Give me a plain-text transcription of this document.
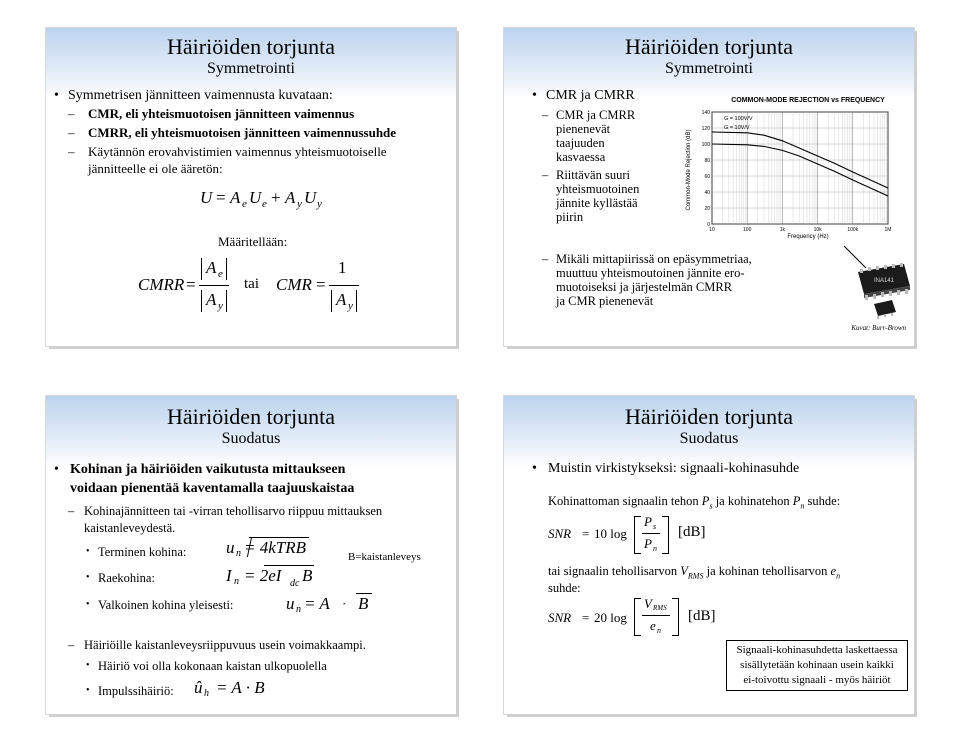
Häiriöiden torjunta
Symmetrointi
• Symmetrisen jännitteen vaimennusta kuvataan:
– CMR, eli yhteismuotoisen jännitteen vaimennus
– CMRR, eli yhteismuotoisen jännitteen vaimennussuhde
– Käytännön erovahvistimien vaimennus yhteismuotoiselle
jännitteelle ei ole ääretön:
U = A e U e + A y U y
Määritellään:
CMRR =
A e
A y
tai CMR =
1
A y
Häiriöiden torjunta
Symmetrointi
• CMR ja CMRR
– CMR ja CMRR
pienenevät
taajuuden
kasvaessa
– Riittävän suuri
yhteismuotoinen
jännite kyllästää
piirin
COMMON-MODE REJECTION vs FREQUENCY
Common-Mode Rejection (dB)
Frequency (Hz)
0
20
40
60
80
100
120
140
10	100	1k	10k	100k	1M
G = 100V/V
G = 10V/V
– Mikäli mittapiirissä on epäsymmetriaa,
muuttuu yhteismoutoinen jännite ero-
muotoiseksi ja järjestelmän CMRR
ja CMR pienenevät
INA141
Kuvat: Burr-Brown
Häiriöiden torjunta
Suodatus
• Kohinan ja häiriöiden vaikutusta mittaukseen
voidaan pienentää kaventamalla taajuuskaistaa
– Kohinajännitteen tai -virran tehollisarvo riippuu mittauksen
kaistanleveydestä.
• Terminen kohina: u n = 4kTRB	B=kaistanleveys
• Raekohina:	I n = 2eI dc B
• Valkoinen kohina yleisesti:	u n = A · B
– Häiriöille kaistanleveysriippuvuus usein voimakkaampi.
• Häiriö voi olla kokonaan kaistan ulkopuolella
• Impulssihäiriö: û h = A · B
Häiriöiden torjunta
Suodatus
• Muistin virkistykseksi: signaali-kohinasuhde
Kohinattoman signaalin tehon $P_s$ ja kohinatehon $P_n$ suhde:
SNR = 10 log
P s
P n
[dB]
tai signaalin tehollisarvon $V_{RMS}$ ja kohinan tehollisarvon $e_n$
suhde:
SNR = 20 log
V RMS
e n
[dB]
Signaali-kohinasuhdetta laskettaessa
sisällytetään kohinaan usein kaikki
ei-toivottu signaali - myös häiriöt
